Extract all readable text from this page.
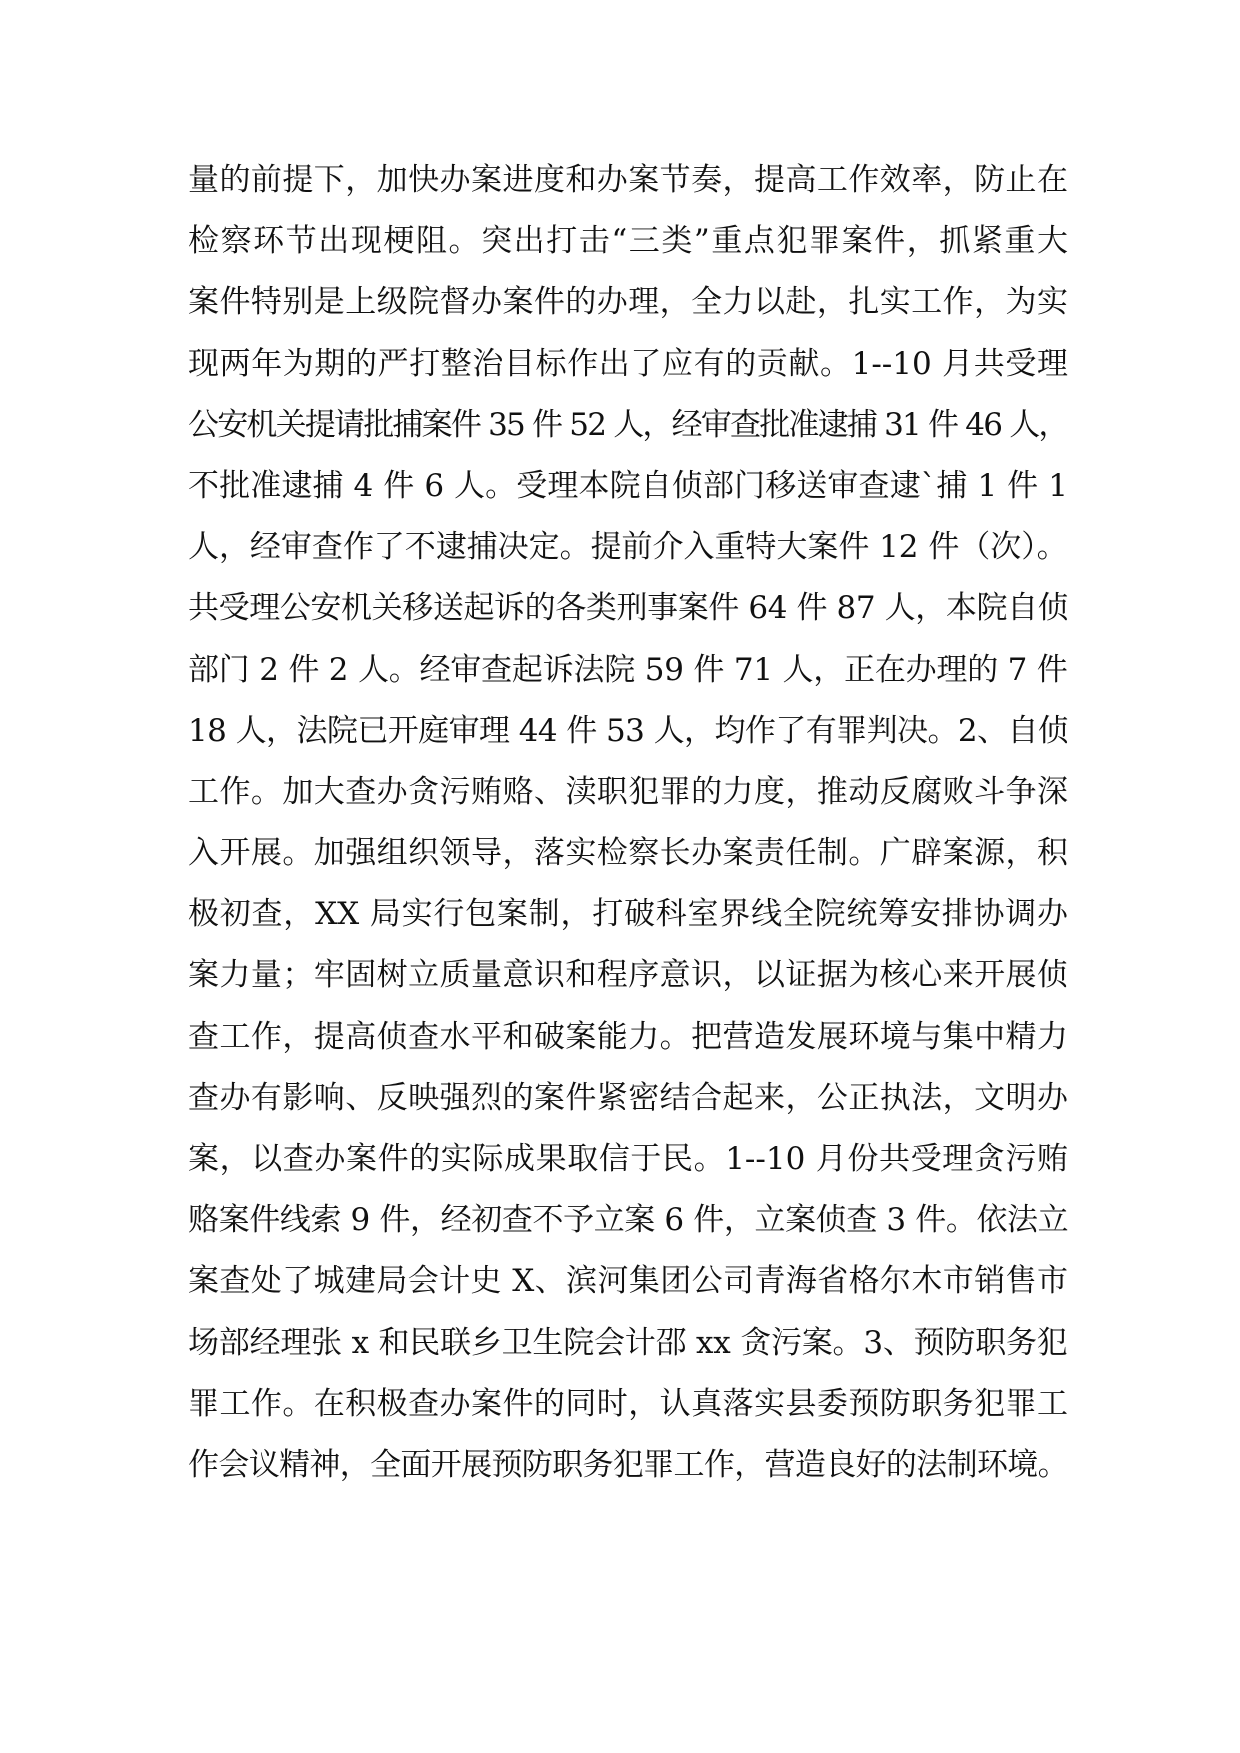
量的前提下，加快办案进度和办案节奏，提高工作效率，防止在
检察环节出现梗阻。突出打击“三类”重点犯罪案件，抓紧重大
案件特别是上级院督办案件的办理，全力以赴，扎实工作，为实
现两年为期的严打整治目标作出了应有的贡献。1--10 月共受理
公安机关提请批捕案件 35 件 52 人，经审查批准逮捕 31 件 46 人，
不批准逮捕 4 件 6 人。受理本院自侦部门移送审查逮`捕 1 件 1
人，经审查作了不逮捕决定。提前介入重特大案件 12 件（次）。
共受理公安机关移送起诉的各类刑事案件 64 件 87 人，本院自侦
部门 2 件 2 人。经审查起诉法院 59 件 71 人，正在办理的 7 件
18 人，法院已开庭审理 44 件 53 人，均作了有罪判决。2、自侦
工作。加大查办贪污贿赂、渎职犯罪的力度，推动反腐败斗争深
入开展。加强组织领导，落实检察长办案责任制。广辟案源，积
极初查，XX 局实行包案制，打破科室界线全院统筹安排协调办
案力量；牢固树立质量意识和程序意识，以证据为核心来开展侦
查工作，提高侦查水平和破案能力。把营造发展环境与集中精力
查办有影响、反映强烈的案件紧密结合起来，公正执法，文明办
案，以查办案件的实际成果取信于民。1--10 月份共受理贪污贿
赂案件线索 9 件，经初查不予立案 6 件，立案侦查 3 件。依法立
案查处了城建局会计史 X、滨河集团公司青海省格尔木市销售市
场部经理张 x 和民联乡卫生院会计邵 xx 贪污案。3、预防职务犯
罪工作。在积极查办案件的同时，认真落实县委预防职务犯罪工
作会议精神，全面开展预防职务犯罪工作，营造良好的法制环境。
